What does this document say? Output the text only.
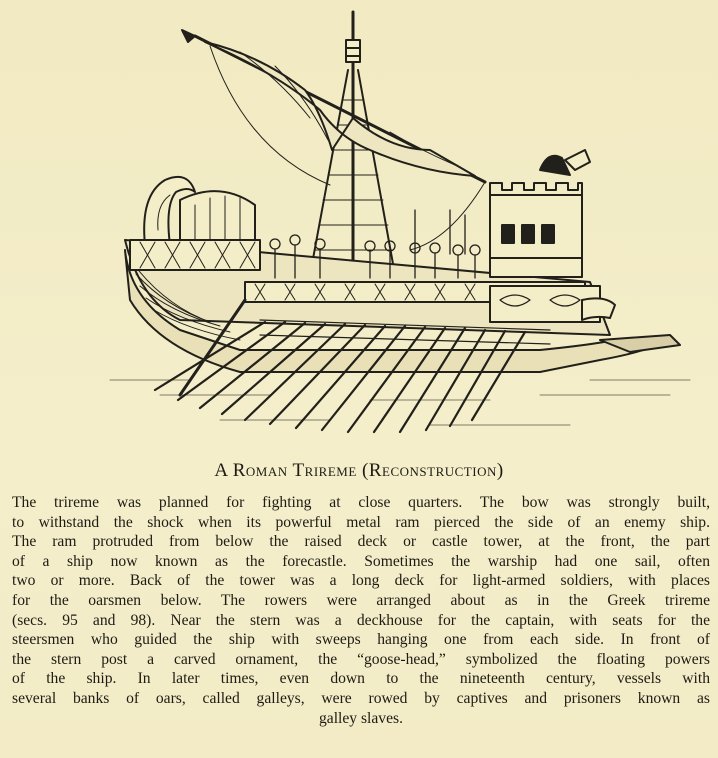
A Roman Trireme (Reconstruction)
The trireme was planned for fighting at close quarters. The bow was strongly built,
to withstand the shock when its powerful metal ram pierced the side of an enemy ship.
The ram protruded from below the raised deck or castle tower, at the front, the part
of a ship now known as the forecastle. Sometimes the warship had one sail, often
two or more. Back of the tower was a long deck for light-armed soldiers, with places
for the oarsmen below. The rowers were arranged about as in the Greek trireme
(secs. 95 and 98). Near the stern was a deckhouse for the captain, with seats for the
steersmen who guided the ship with sweeps hanging one from each side. In front of
the stern post a carved ornament, the “goose-head,” symbolized the floating powers
of the ship. In later times, even down to the nineteenth century, vessels with
several banks of oars, called galleys, were rowed by captives and prisoners known as
galley slaves.
